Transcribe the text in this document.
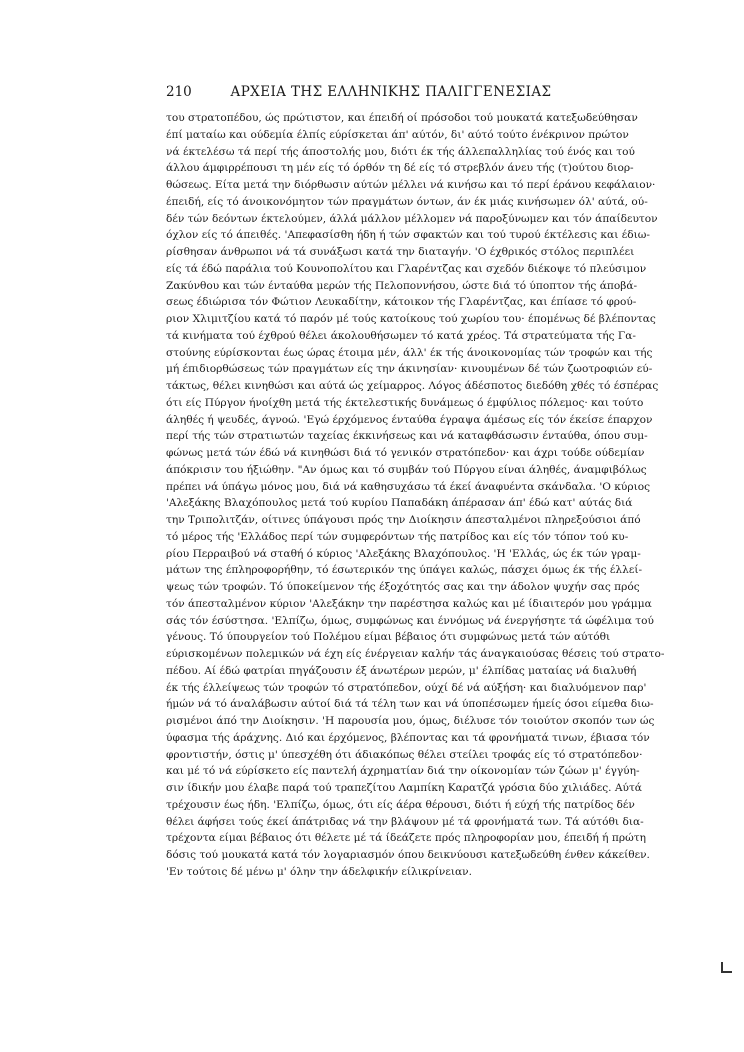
210	ΑΡΧΕΙΑ ΤΗΣ ΕΛΛΗΝΙΚΗΣ ΠΑΛΙΓΓΕΝΕΣΙΑΣ
του στρατοπέδου, ώς πρώτιστον, και έπειδή οί πρόσοδοι τού μουκατά κατεξωδεύθησαν
έπί ματαίω και ούδεμία έλπίς εύρίσκεται άπ' αύτόν, δι' αύτό τούτο ένέκρινον πρώτον
νά έκτελέσω τά περί τής άποστολής μου, διότι έκ τής άλλεπαλληλίας τού ένός και τού
άλλου άμφιρρέπουσι τη μέν είς τό όρθόν τη δέ είς τό στρεβλόν άνευ τής (τ)ούτου διορ-
θώσεως. Είτα μετά την διόρθωσιν αύτών μέλλει νά κινήσω και τό περί έράνου κεφάλαιον·
έπειδή, είς τό άνοικονόμητον τών πραγμάτων όντων, άν έκ μιάς κινήσωμεν όλ' αύτά, ού-
δέν τών δεόντων έκτελούμεν, άλλά μάλλον μέλλομεν νά παροξύνωμεν και τόν άπαίδευτον
όχλον είς τό άπειθές. 'Απεφασίσθη ήδη ή τών σφακτών και τού τυρού έκτέλεσις και έδιω-
ρίσθησαν άνθρωποι νά τά συνάξωσι κατά την διαταγήν. 'Ο έχθρικός στόλος περιπλέει
είς τά έδώ παράλια τού Κουνοπολίτου και Γλαρέντζας και σχεδόν διέκοψε τό πλεύσιμον
Ζακύνθου και τών ένταύθα μερών τής Πελοποννήσου, ώστε διά τό ύποπτον τής άποβά-
σεως έδιώρισα τόν Φώτιον Λευκαδίτην, κάτοικον τής Γλαρέντζας, και έπίασε τό φρού-
ριον Χλιμιτζίου κατά τό παρόν μέ τούς κατοίκους τού χωρίου του· έπομένως δέ βλέποντας
τά κινήματα τού έχθρού θέλει άκολουθήσωμεν τό κατά χρέος. Τά στρατεύματα τής Γα-
στούνης εύρίσκονται έως ώρας έτοιμα μέν, άλλ' έκ τής άνοικονομίας τών τροφών και τής
μή έπιδιορθώσεως τών πραγμάτων είς την άκινησίαν· κινουμένων δέ τών ζωοτροφιών εύ-
τάκτως, θέλει κινηθώσι και αύτά ώς χείμαρρος. Λόγος άδέσποτος διεδόθη χθές τό έσπέρας
ότι είς Πύργον ήνοίχθη μετά τής έκτελεστικής δυνάμεως ό έμφύλιος πόλεμος· και τούτο
άληθές ή ψευδές, άγνοώ. 'Εγώ έρχόμενος ένταύθα έγραψα άμέσως είς τόν έκείσε έπαρχον
περί τής τών στρατιωτών ταχείας έκκινήσεως και νά καταφθάσωσιν ένταύθα, όπου συμ-
φώνως μετά τών έδώ νά κινηθώσι διά τό γενικόν στρατόπεδον· και άχρι τούδε ούδεμίαν
άπόκρισιν του ήξιώθην. "Αν όμως και τό συμβάν τού Πύργου είναι άληθές, άναμφιβόλως
πρέπει νά ύπάγω μόνος μου, διά νά καθησυχάσω τά έκεί άναφυέντα σκάνδαλα. 'Ο κύριος
'Αλεξάκης Βλαχόπουλος μετά τού κυρίου Παπαδάκη άπέρασαν άπ' έδώ κατ' αύτάς διά
την Τριπολιτζάν, οίτινες ύπάγουσι πρός την Διοίκησιν άπεσταλμένοι πληρεξούσιοι άπό
τό μέρος τής 'Ελλάδος περί τών συμφερόντων τής πατρίδος και είς τόν τόπον τού κυ-
ρίου Περραιβού νά σταθή ό κύριος 'Αλεξάκης Βλαχόπουλος. 'Η 'Ελλάς, ώς έκ τών γραμ-
μάτων της έπληροφορήθην, τό έσωτερικόν της ύπάγει καλώς, πάσχει όμως έκ τής έλλεί-
ψεως τών τροφών. Τό ύποκείμενον τής έξοχότητός σας και την άδολον ψυχήν σας πρός
τόν άπεσταλμένον κύριον 'Αλεξάκην την παρέστησα καλώς και μέ ίδιαιτερόν μου γράμμα
σάς τόν έσύστησα. 'Ελπίζω, όμως, συμφώνως και έννόμως νά ένεργήσητε τά ώφέλιμα τού
γένους. Τό ύπουργείον τού Πολέμου είμαι βέβαιος ότι συμφώνως μετά τών αύτόθι
εύρισκομένων πολεμικών νά έχη είς ένέργειαν καλήν τάς άναγκαιούσας θέσεις τού στρατο-
πέδου. Αί έδώ φατρίαι πηγάζουσιν έξ άνωτέρων μερών, μ' έλπίδας ματαίας νά διαλυθή
έκ τής έλλείψεως τών τροφών τό στρατόπεδον, ούχί δέ νά αύξήση· και διαλυόμενον παρ'
ήμών νά τό άναλάβωσιν αύτοί διά τά τέλη των και νά ύποπέσωμεν ήμείς όσοι είμεθα διω-
ρισμένοι άπό την Διοίκησιν. 'Η παρουσία μου, όμως, διέλυσε τόν τοιούτον σκοπόν των ώς
ύφασμα τής άράχνης. Διό και έρχόμενος, βλέποντας και τά φρονήματά τινων, έβιασα τόν
φροντιστήν, όστις μ' ύπεσχέθη ότι άδιακόπως θέλει στείλει τροφάς είς τό στρατόπεδον·
και μέ τό νά εύρίσκετο είς παντελή άχρηματίαν διά την οίκονομίαν τών ζώων μ' έγγύη-
σιν ίδικήν μου έλαβε παρά τού τραπεζίτου Λαμπίκη Καρατζά γρόσια δύο χιλιάδες. Αύτά
τρέχουσιν έως ήδη. 'Ελπίζω, όμως, ότι είς άέρα θέρουσι, διότι ή εύχή τής πατρίδος δέν
θέλει άφήσει τούς έκεί άπάτριδας νά την βλάψουν μέ τά φρονήματά των. Τά αύτόθι δια-
τρέχοντα είμαι βέβαιος ότι θέλετε μέ τά ίδεάζετε πρός πληροφορίαν μου, έπειδή ή πρώτη
δόσις τού μουκατά κατά τόν λογαριασμόν όπου δεικνύουσι κατεξωδεύθη ένθεν κάκείθεν.
'Εν τούτοις δέ μένω μ' όλην την άδελφικήν είλικρίνειαν.
